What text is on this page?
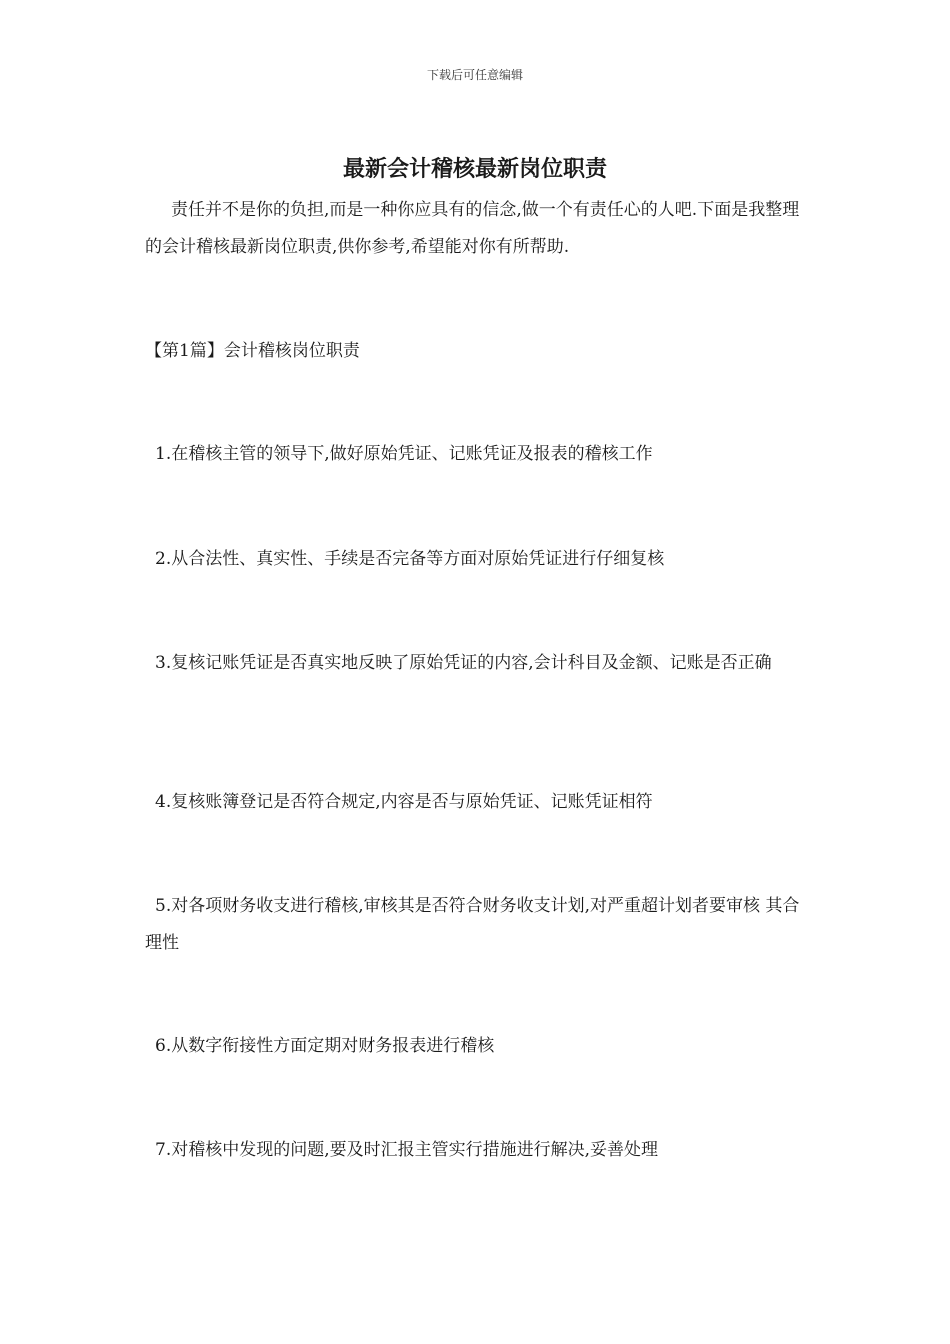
下载后可任意编辑
最新会计稽核最新岗位职责

责任并不是你的负担,而是一种你应具有的信念,做一个有责任心的人吧.下面是我整理的会计稽核最新岗位职责,供你参考,希望能对你有所帮助.

【第1篇】会计稽核岗位职责

1.在稽核主管的领导下,做好原始凭证、记账凭证及报表的稽核工作

2.从合法性、真实性、手续是否完备等方面对原始凭证进行仔细复核

3.复核记账凭证是否真实地反映了原始凭证的内容,会计科目及金额、记账是否正确

4.复核账簿登记是否符合规定,内容是否与原始凭证、记账凭证相符

5.对各项财务收支进行稽核,审核其是否符合财务收支计划,对严重超计划者要审核 其合理性

6.从数字衔接性方面定期对财务报表进行稽核

7.对稽核中发现的问题,要及时汇报主管实行措施进行解决,妥善处理
